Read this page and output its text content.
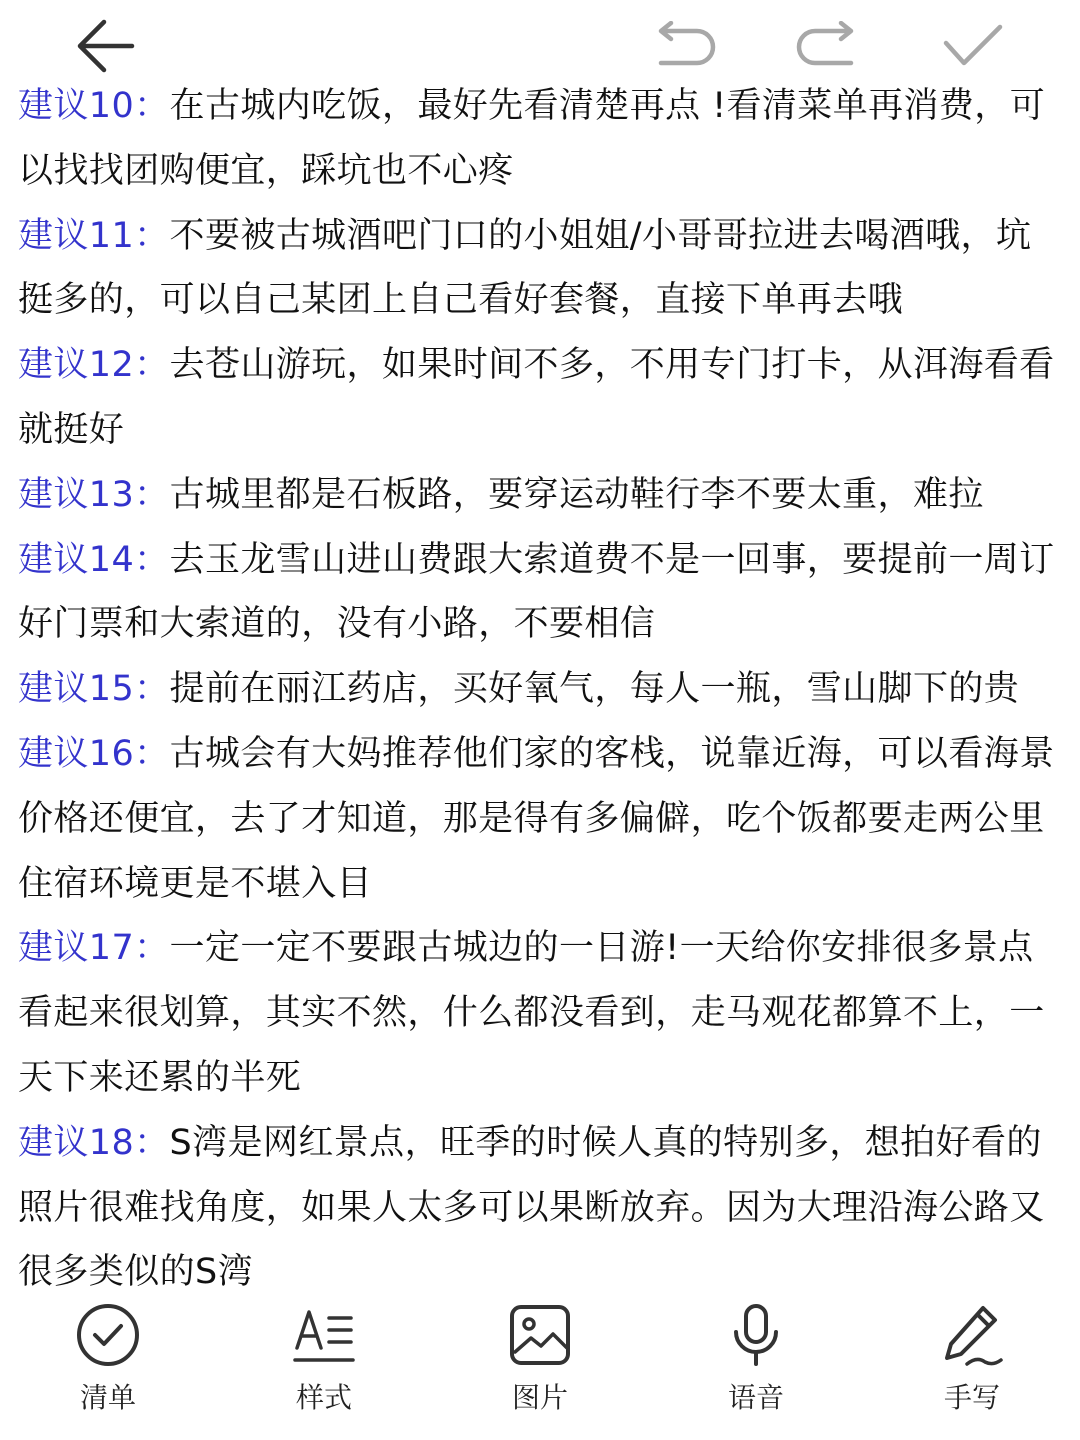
建议10：在古城内吃饭，最好先看清楚再点 !看清菜单再消费，可以找找团购便宜，踩坑也不心疼

建议11：不要被古城酒吧门口的小姐姐/小哥哥拉进去喝酒哦，坑挺多的，可以自己某团上自己看好套餐，直接下单再去哦

建议12：去苍山游玩，如果时间不多，不用专门打卡，从洱海看看就挺好

建议13：古城里都是石板路，要穿运动鞋行李不要太重，难拉

建议14：去玉龙雪山进山费跟大索道费不是一回事，要提前一周订好门票和大索道的，没有小路，不要相信

建议15：提前在丽江药店，买好氧气，每人一瓶，雪山脚下的贵

建议16：古城会有大妈推荐他们家的客栈，说靠近海，可以看海景价格还便宜，去了才知道，那是得有多偏僻，吃个饭都要走两公里住宿环境更是不堪入目

建议17：一定一定不要跟古城边的一日游!一天给你安排很多景点看起来很划算，其实不然，什么都没看到，走马观花都算不上，一天下来还累的半死

建议18：S湾是网红景点，旺季的时候人真的特别多，想拍好看的照片很难找角度，如果人太多可以果断放弃。因为大理沿海公路又很多类似的S湾

清单	样式	图片	语音	手写
